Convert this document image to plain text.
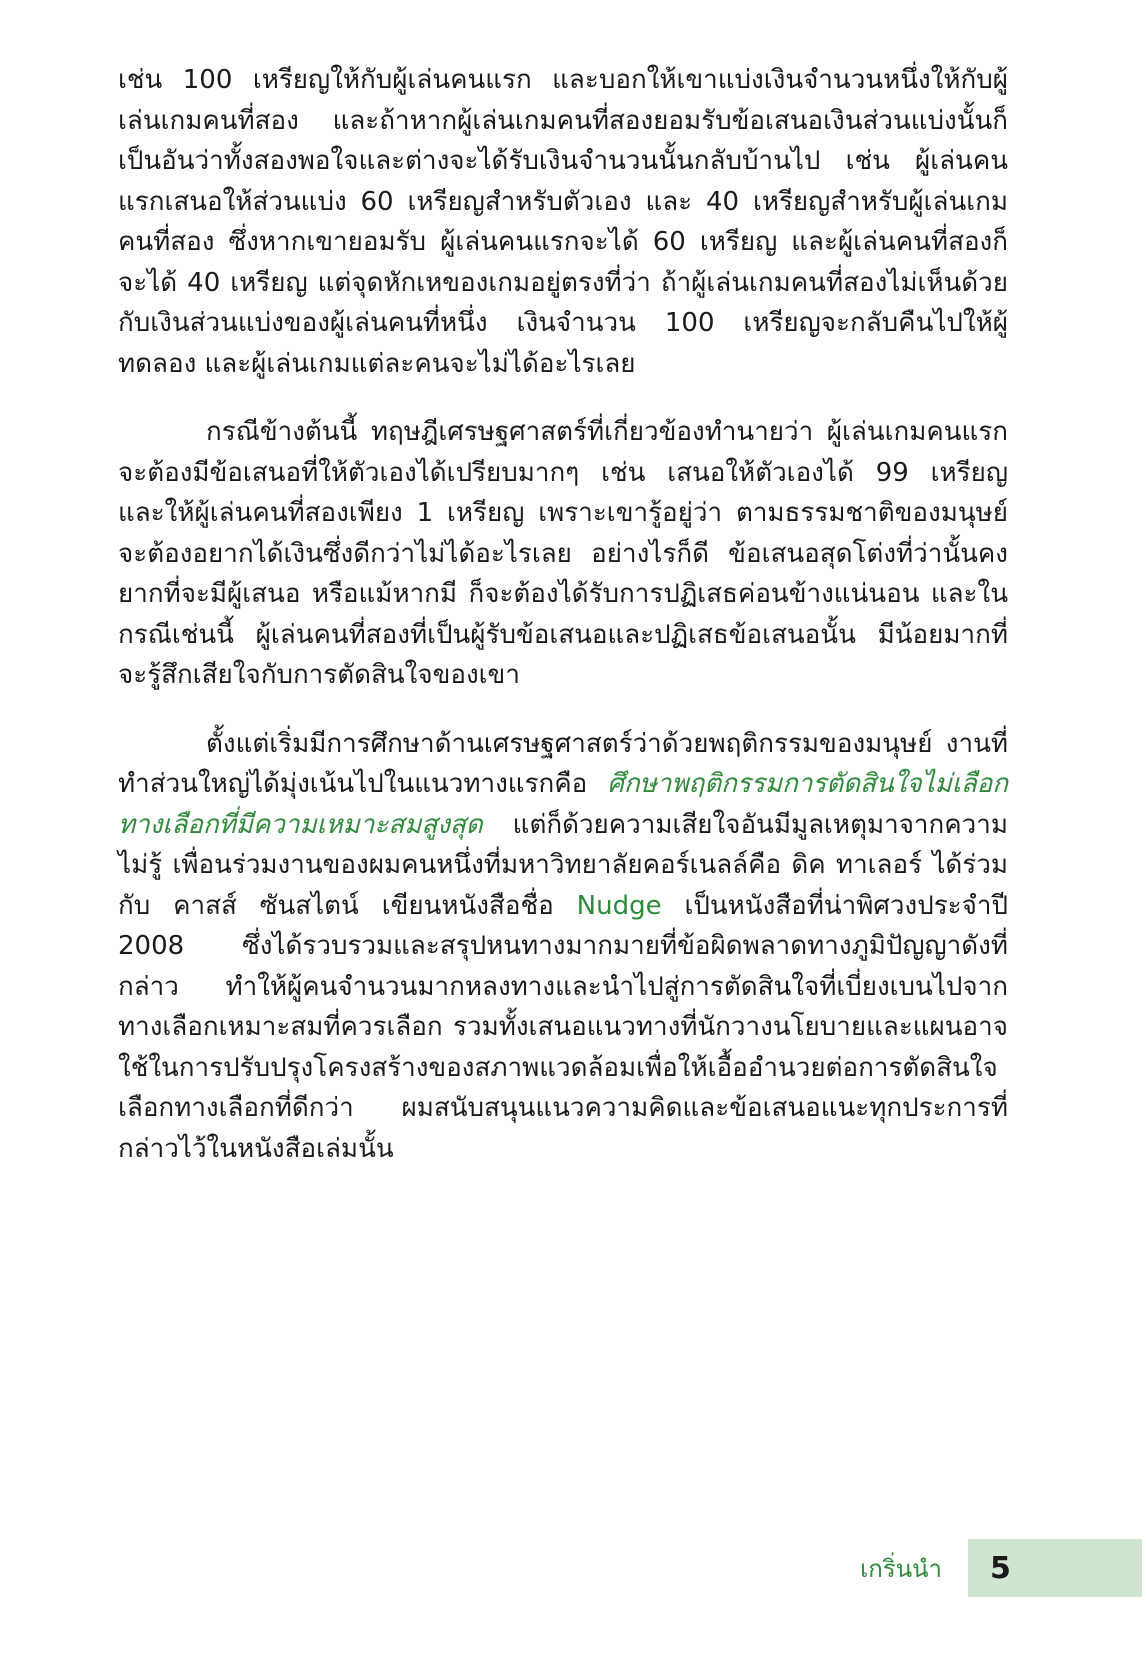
เช่น 100 เหรียญให้กับผู้เล่นคนแรก และบอกให้เขาแบ่งเงินจำนวนหนึ่งให้กับผู้เล่นเกมคนที่สอง และถ้าหากผู้เล่นเกมคนที่สองยอมรับข้อเสนอเงินส่วนแบ่งนั้นก็เป็นอันว่าทั้งสองพอใจและต่างจะได้รับเงินจำนวนนั้นกลับบ้านไป เช่น ผู้เล่นคนแรกเสนอให้ส่วนแบ่ง 60 เหรียญสำหรับตัวเอง และ 40 เหรียญสำหรับผู้เล่นเกมคนที่สอง ซึ่งหากเขายอมรับ ผู้เล่นคนแรกจะได้ 60 เหรียญ และผู้เล่นคนที่สองก็จะได้ 40 เหรียญ แต่จุดหักเหของเกมอยู่ตรงที่ว่า ถ้าผู้เล่นเกมคนที่สองไม่เห็นด้วยกับเงินส่วนแบ่งของผู้เล่นคนที่หนึ่ง เงินจำนวน 100 เหรียญจะกลับคืนไปให้ผู้ทดลอง และผู้เล่นเกมแต่ละคนจะไม่ได้อะไรเลย

กรณีข้างต้นนี้ ทฤษฎีเศรษฐศาสตร์ที่เกี่ยวข้องทำนายว่า ผู้เล่นเกมคนแรกจะต้องมีข้อเสนอที่ให้ตัวเองได้เปรียบมากๆ เช่น เสนอให้ตัวเองได้ 99 เหรียญ และให้ผู้เล่นคนที่สองเพียง 1 เหรียญ เพราะเขารู้อยู่ว่า ตามธรรมชาติของมนุษย์จะต้องอยากได้เงินซึ่งดีกว่าไม่ได้อะไรเลย อย่างไรก็ดี ข้อเสนอสุดโต่งที่ว่านั้นคงยากที่จะมีผู้เสนอ หรือแม้หากมี ก็จะต้องได้รับการปฏิเสธค่อนข้างแน่นอน และในกรณีเช่นนี้ ผู้เล่นคนที่สองที่เป็นผู้รับข้อเสนอและปฏิเสธข้อเสนอนั้น มีน้อยมากที่จะรู้สึกเสียใจกับการตัดสินใจของเขา

ตั้งแต่เริ่มมีการศึกษาด้านเศรษฐศาสตร์ว่าด้วยพฤติกรรมของมนุษย์ งานที่ทำส่วนใหญ่ได้มุ่งเน้นไปในแนวทางแรกคือ ศึกษาพฤติกรรมการตัดสินใจไม่เลือกทางเลือกที่มีความเหมาะสมสูงสุด แต่ก็ด้วยความเสียใจอันมีมูลเหตุมาจากความไม่รู้ เพื่อนร่วมงานของผมคนหนึ่งที่มหาวิทยาลัยคอร์เนลล์คือ ดิค ทาเลอร์ ได้ร่วมกับ คาสส์ ซันสไตน์ เขียนหนังสือชื่อ Nudge เป็นหนังสือที่น่าพิศวงประจำปี 2008 ซึ่งได้รวบรวมและสรุปหนทางมากมายที่ข้อผิดพลาดทางภูมิปัญญาดังที่กล่าว ทำให้ผู้คนจำนวนมากหลงทางและนำไปสู่การตัดสินใจที่เบี่ยงเบนไปจากทางเลือกเหมาะสมที่ควรเลือก รวมทั้งเสนอแนวทางที่นักวางนโยบายและแผนอาจใช้ในการปรับปรุงโครงสร้างของสภาพแวดล้อมเพื่อให้เอื้ออำนวยต่อการตัดสินใจเลือกทางเลือกที่ดีกว่า ผมสนับสนุนแนวความคิดและข้อเสนอแนะทุกประการที่กล่าวไว้ในหนังสือเล่มนั้น

เกริ่นนำ 5
